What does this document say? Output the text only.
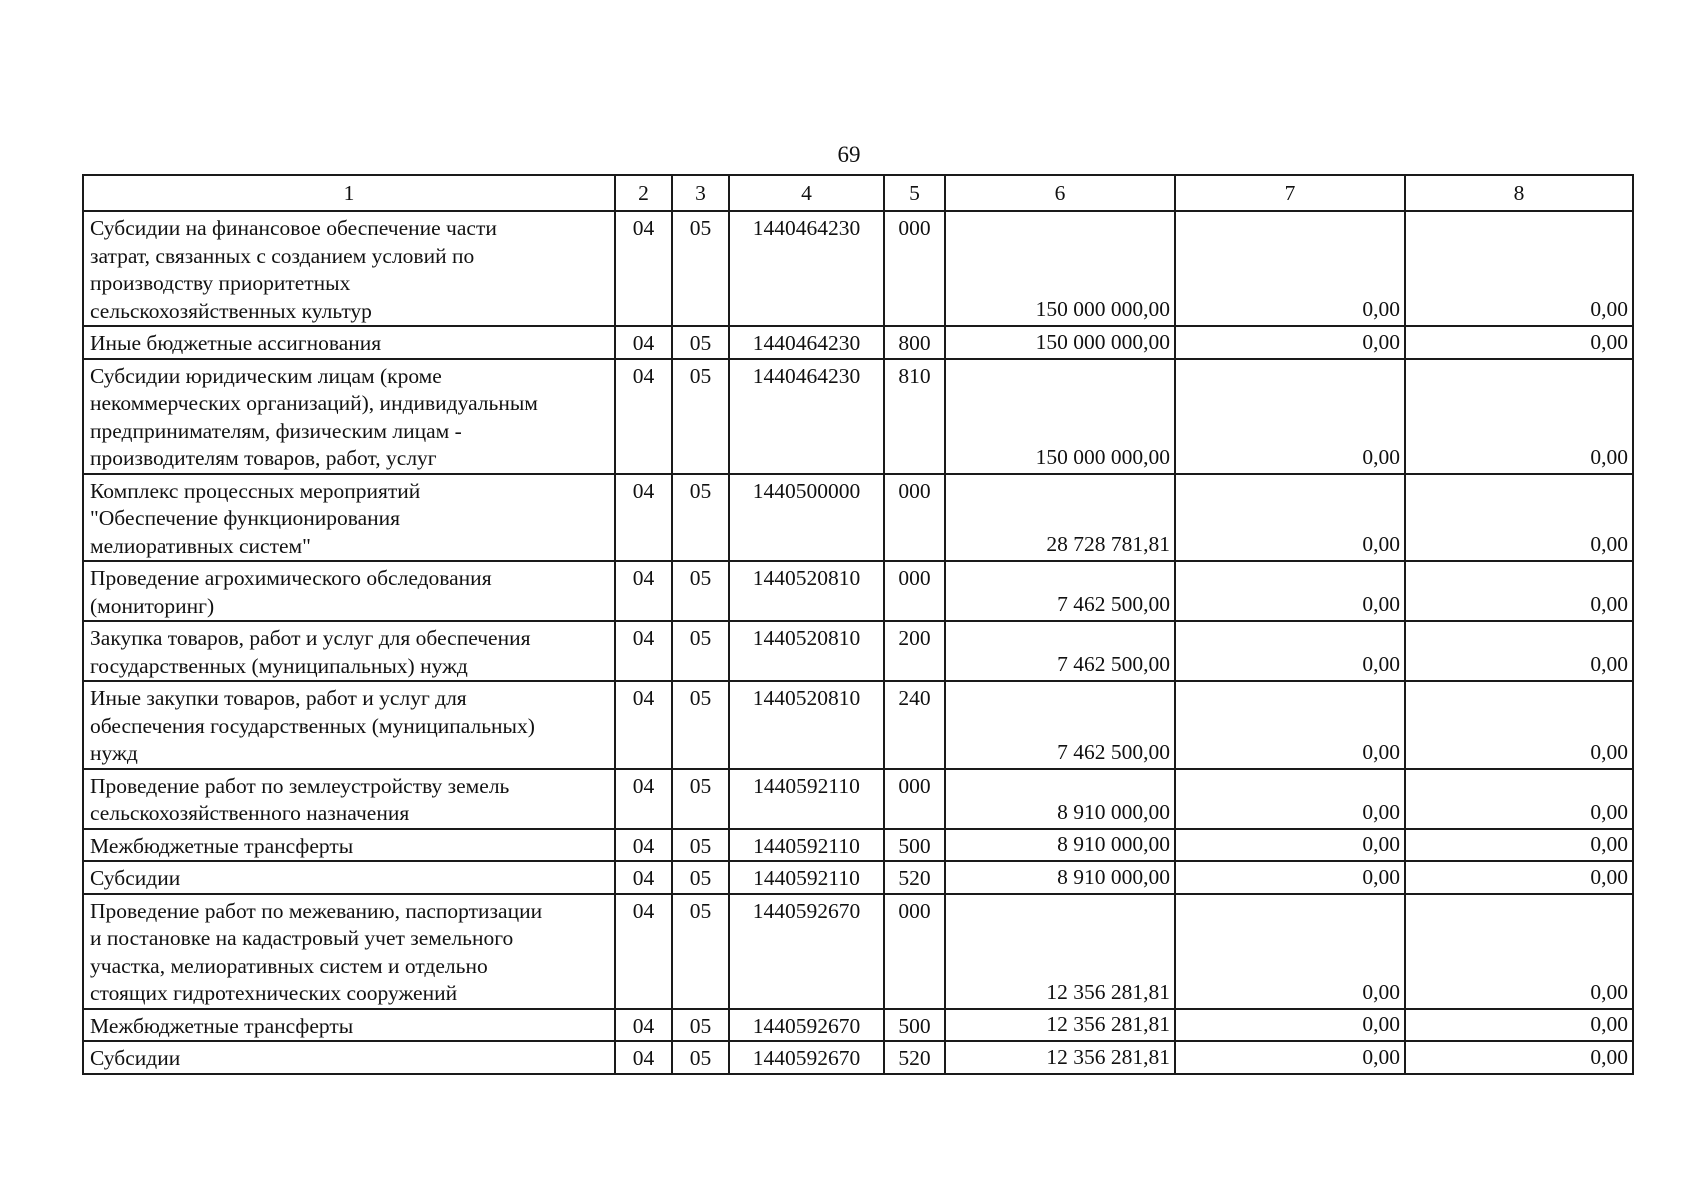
69
1	2	3	4	5	6	7	8
Субсидии на финансовое обеспечение части
затрат, связанных с созданием условий по
производству приоритетных
сельскохозяйственных культур	04	05	1440464230	000	150 000 000,00	0,00	0,00
Иные бюджетные ассигнования	04	05	1440464230	800	150 000 000,00	0,00	0,00
Субсидии юридическим лицам (кроме
некоммерческих организаций), индивидуальным
предпринимателям, физическим лицам -
производителям товаров, работ, услуг	04	05	1440464230	810	150 000 000,00	0,00	0,00
Комплекс процессных мероприятий
"Обеспечение функционирования
мелиоративных систем"	04	05	1440500000	000	28 728 781,81	0,00	0,00
Проведение агрохимического обследования
(мониторинг)	04	05	1440520810	000	7 462 500,00	0,00	0,00
Закупка товаров, работ и услуг для обеспечения
государственных (муниципальных) нужд	04	05	1440520810	200	7 462 500,00	0,00	0,00
Иные закупки товаров, работ и услуг для
обеспечения государственных (муниципальных)
нужд	04	05	1440520810	240	7 462 500,00	0,00	0,00
Проведение работ по землеустройству земель
сельскохозяйственного назначения	04	05	1440592110	000	8 910 000,00	0,00	0,00
Межбюджетные трансферты	04	05	1440592110	500	8 910 000,00	0,00	0,00
Субсидии	04	05	1440592110	520	8 910 000,00	0,00	0,00
Проведение работ по межеванию, паспортизации
и постановке на кадастровый учет земельного
участка, мелиоративных систем и отдельно
стоящих гидротехнических сооружений	04	05	1440592670	000	12 356 281,81	0,00	0,00
Межбюджетные трансферты	04	05	1440592670	500	12 356 281,81	0,00	0,00
Субсидии	04	05	1440592670	520	12 356 281,81	0,00	0,00
